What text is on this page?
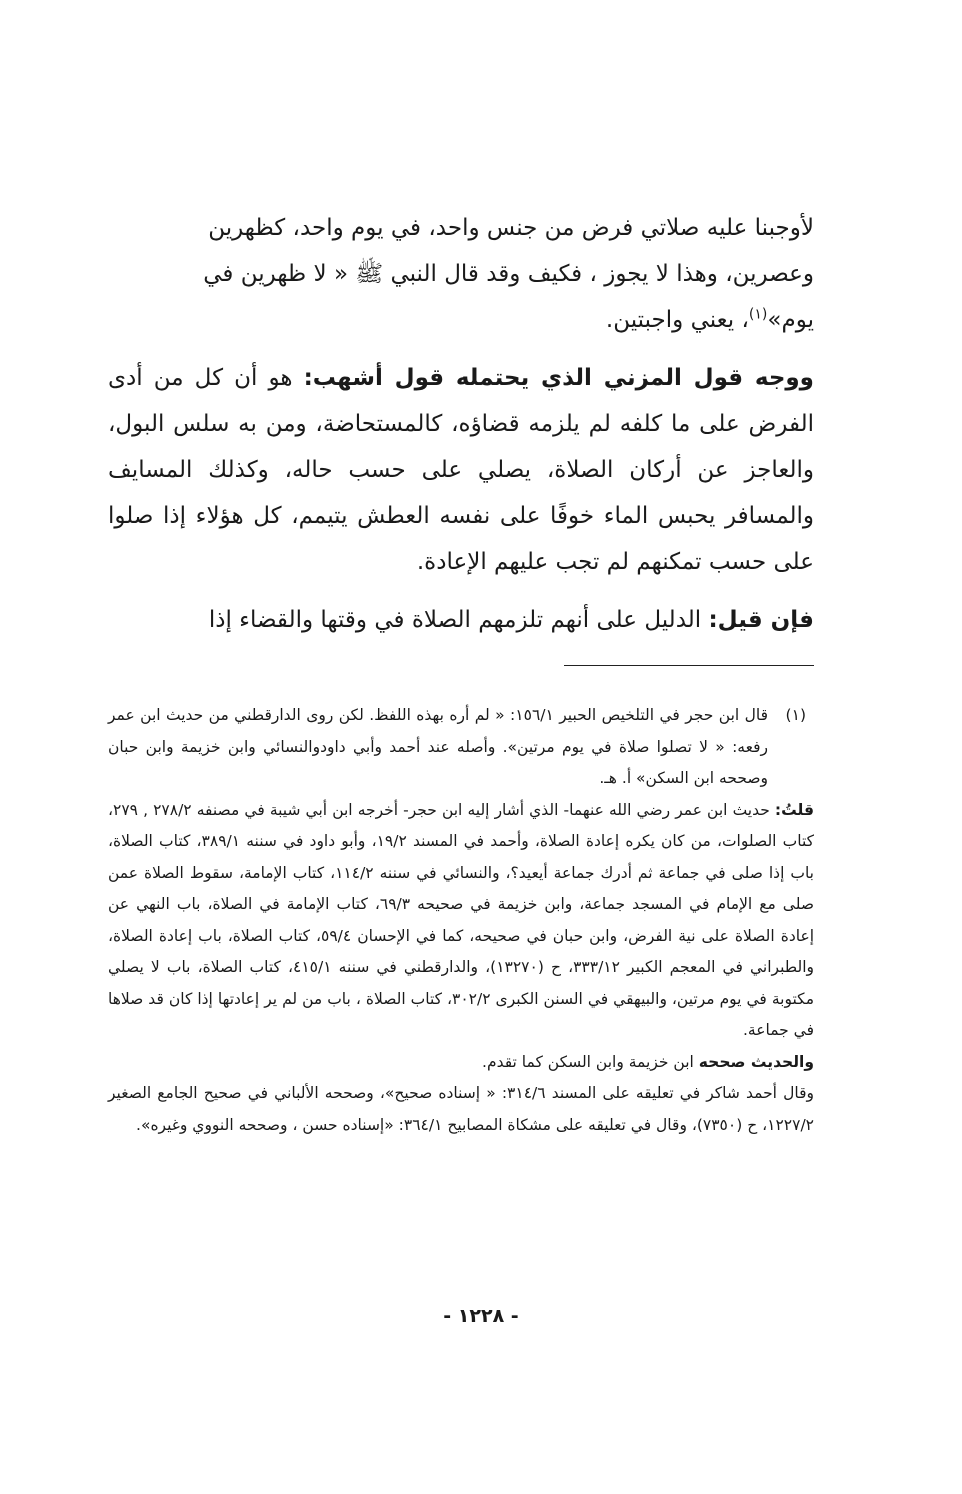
لأوجبنا عليه صلاتي فرض من جنس واحد، في يوم واحد، كظهرين
وعصرين، وهذا لا يجوز ، فكيف وقد قال النبي ﷺ « لا ظهرين في
يوم»$^{(١)}$، يعني واجبتين.

ووجه قول المزني الذي يحتمله قول أشهب: هو أن كل من أدى الفرض على ما كلفه لم يلزمه قضاؤه، كالمستحاضة، ومن به سلس البول، والعاجز عن أركان الصلاة، يصلي على حسب حاله، وكذلك المسايف والمسافر يحبس الماء خوفًا على نفسه العطش يتيمم، كل هؤلاء إذا صلوا على حسب تمكنهم لم تجب عليهم الإعادة.

فإن قيل: الدليل على أنهم تلزمهم الصلاة في وقتها والقضاء إذا

(١)

قال ابن حجر في التلخيص الحبير ١٥٦/١: « لم أره بهذه اللفظ. لكن روى الدارقطني من حديث ابن عمر رفعه: « لا تصلوا صلاة في يوم مرتين». وأصله عند أحمد وأبي داودوالنسائي وابن خزيمة وابن حبان وصححه ابن السكن» أ. هـ.

قلتُ: حديث ابن عمر رضي الله عنهما- الذي أشار إليه ابن حجر- أخرجه ابن أبي شيبة في مصنفه ٢٧٨/٢ , ٢٧٩، كتاب الصلوات، من كان يكره إعادة الصلاة، وأحمد في المسند ١٩/٢، وأبو داود في سننه ٣٨٩/١، كتاب الصلاة، باب إذا صلى في جماعة ثم أدرك جماعة أيعيد؟، والنسائي في سننه ١١٤/٢، كتاب الإمامة، سقوط الصلاة عمن صلى مع الإمام في المسجد جماعة، وابن خزيمة في صحيحه ٦٩/٣، كتاب الإمامة في الصلاة، باب النهي عن إعادة الصلاة على نية الفرض، وابن حبان في صحيحه، كما في الإحسان ٥٩/٤، كتاب الصلاة، باب إعادة الصلاة، والطبراني في المعجم الكبير ٣٣٣/١٢، ح (١٣٢٧٠)، والدارقطني في سننه ٤١٥/١، كتاب الصلاة، باب لا يصلي مكتوبة في يوم مرتين، والبيهقي في السنن الكبرى ٣٠٢/٢، كتاب الصلاة ، باب من لم ير إعادتها إذا كان قد صلاها في جماعة.

والحديث صححه ابن خزيمة وابن السكن كما تقدم.

وقال أحمد شاكر في تعليقه على المسند ٣١٤/٦: « إسناده صحيح»، وصححه الألباني في صحيح الجامع الصغير ١٢٢٧/٢، ح (٧٣٥٠)، وقال في تعليقه على مشكاة المصابيح ٣٦٤/١: «إسناده حسن ، وصححه النووي وغيره».

- ١٢٢٨ -
